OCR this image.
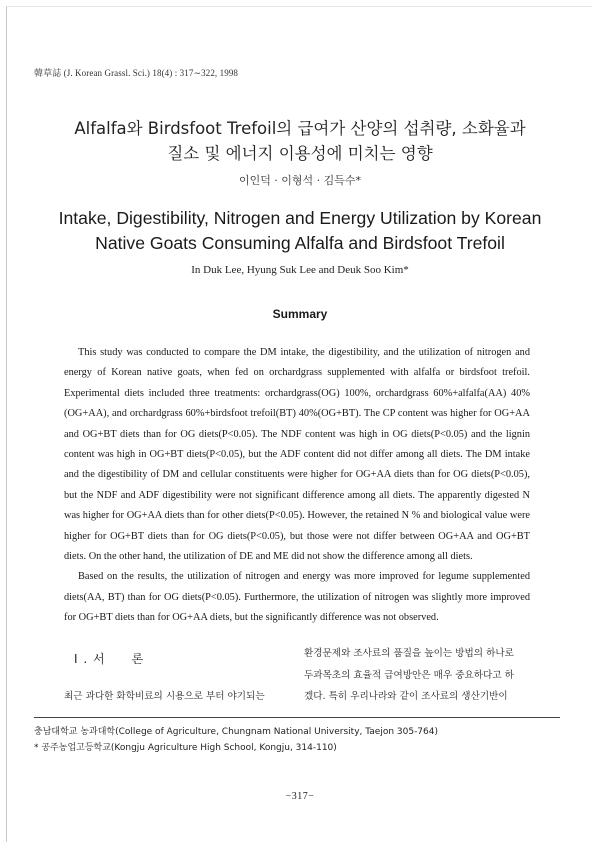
韓草誌 (J. Korean Grassl. Sci.) 18(4) : 317∼322, 1998
Alfalfa와 Birdsfoot Trefoil의 급여가 산양의 섭취량, 소화율과
질소 및 에너지 이용성에 미치는 영향
이인덕 · 이형석 · 김득수*
Intake, Digestibility, Nitrogen and Energy Utilization by Korean
Native Goats Consuming Alfalfa and Birdsfoot Trefoil
In Duk Lee, Hyung Suk Lee and Deuk Soo Kim*
Summary

This study was conducted to compare the DM intake, the digestibility, and the utilization of nitrogen and energy of Korean native goats, when fed on orchardgrass supplemented with alfalfa or birdsfoot trefoil. Experimental diets included three treatments: orchardgrass(OG) 100%, orchardgrass 60%+alfalfa(AA) 40%(OG+AA), and orchardgrass 60%+birdsfoot trefoil(BT) 40%(OG+BT). The CP content was higher for OG+AA and OG+BT diets than for OG diets(P<0.05). The NDF content was high in OG diets(P<0.05) and the lignin content was high in OG+BT diets(P<0.05), but the ADF content did not differ among all diets. The DM intake and the digestibility of DM and cellular constituents were higher for OG+AA diets than for OG diets(P<0.05), but the NDF and ADF digestibility were not significant difference among all diets. The apparently digested N was higher for OG+AA diets than for other diets(P<0.05). However, the retained N % and biological value were higher for OG+BT diets than for OG diets(P<0.05), but those were not differ between OG+AA and OG+BT diets. On the other hand, the utilization of DE and ME did not show the difference among all diets.

Based on the results, the utilization of nitrogen and energy was more improved for legume supplemented diets(AA, BT) than for OG diets(P<0.05). Furthermore, the utilization of nitrogen was slightly more improved for OG+BT diets than for OG+AA diets, but the significantly difference was not observed.

I . 서 론
최근 과다한 화학비료의 시용으로 부터 야기되는
환경문제와 조사료의 품질을 높이는 방법의 하나로
두과목초의 효율적 급여방안은 매우 중요하다고 하
겠다. 특히 우리나라와 같이 조사료의 생산기반이
충남대학교 농과대학(College of Agriculture, Chungnam National University, Taejon 305-764)
* 공주농업고등학교(Kongju Agriculture High School, Kongju, 314-110)
−317−
